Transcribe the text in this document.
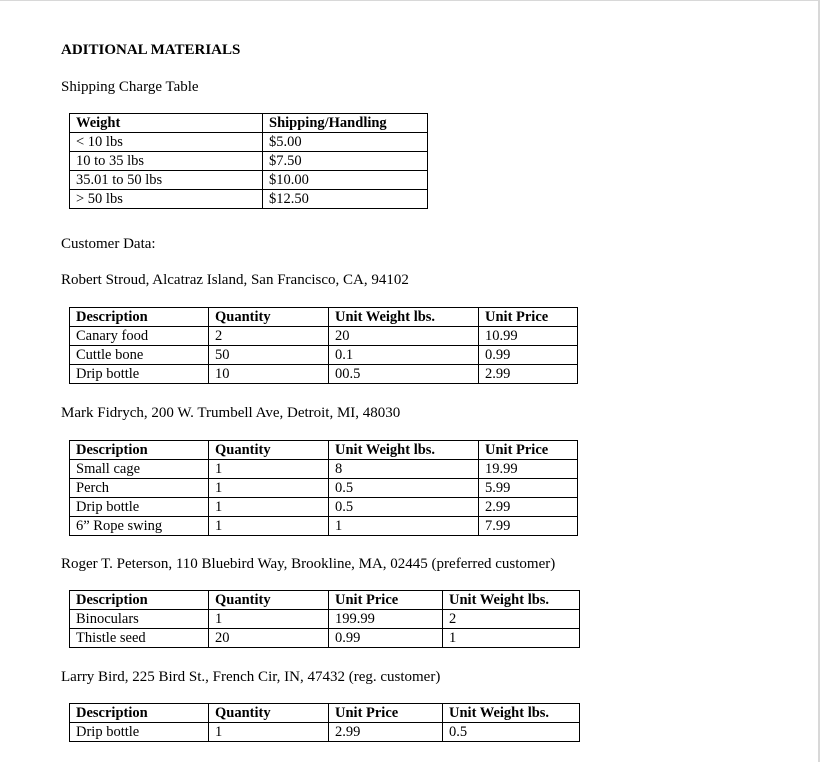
ADITIONAL MATERIALS
Shipping Charge Table
Weight	Shipping/Handling
< 10 lbs	$5.00
10 to 35 lbs	$7.50
35.01 to 50 lbs	$10.00
> 50 lbs	$12.50
Customer Data:
Robert Stroud, Alcatraz Island, San Francisco, CA, 94102
Description	Quantity	Unit Weight lbs.	Unit Price
Canary food	2	20	10.99
Cuttle bone	50	0.1	0.99
Drip bottle	10	00.5	2.99
Mark Fidrych, 200 W. Trumbell Ave, Detroit, MI, 48030
Description	Quantity	Unit Weight lbs.	Unit Price
Small cage	1	8	19.99
Perch	1	0.5	5.99
Drip bottle	1	0.5	2.99
6” Rope swing	1	1	7.99
Roger T. Peterson, 110 Bluebird Way, Brookline, MA, 02445 (preferred customer)
Description	Quantity	Unit Price	Unit Weight lbs.
Binoculars	1	199.99	2
Thistle seed	20	0.99	1
Larry Bird, 225 Bird St., French Cir, IN, 47432 (reg. customer)
Description	Quantity	Unit Price	Unit Weight lbs.
Drip bottle	1	2.99	0.5
